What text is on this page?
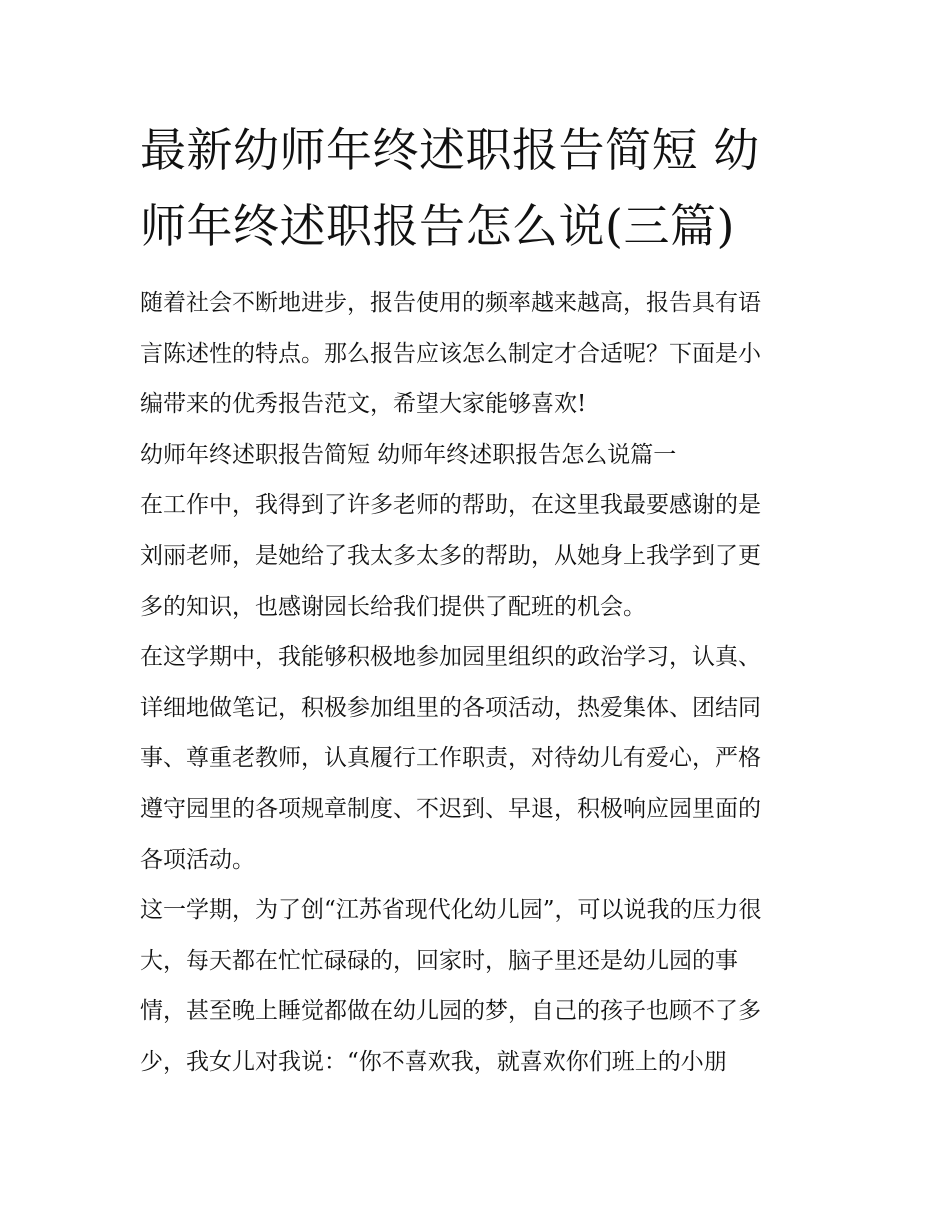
最新幼师年终述职报告简短 幼
师年终述职报告怎么说(三篇)

随着社会不断地进步，报告使用的频率越来越高，报告具有语
言陈述性的特点。那么报告应该怎么制定才合适呢？下面是小
编带来的优秀报告范文，希望大家能够喜欢!

幼师年终述职报告简短 幼师年终述职报告怎么说篇一

在工作中，我得到了许多老师的帮助，在这里我最要感谢的是
刘丽老师，是她给了我太多太多的帮助，从她身上我学到了更
多的知识，也感谢园长给我们提供了配班的机会。

在这学期中，我能够积极地参加园里组织的政治学习，认真、
详细地做笔记，积极参加组里的各项活动，热爱集体、团结同
事、尊重老教师，认真履行工作职责，对待幼儿有爱心，严格
遵守园里的各项规章制度、不迟到、早退，积极响应园里面的
各项活动。

这一学期，为了创“江苏省现代化幼儿园”，可以说我的压力很
大，每天都在忙忙碌碌的，回家时，脑子里还是幼儿园的事
情，甚至晚上睡觉都做在幼儿园的梦，自己的孩子也顾不了多
少，我女儿对我说：“你不喜欢我，就喜欢你们班上的小朋
